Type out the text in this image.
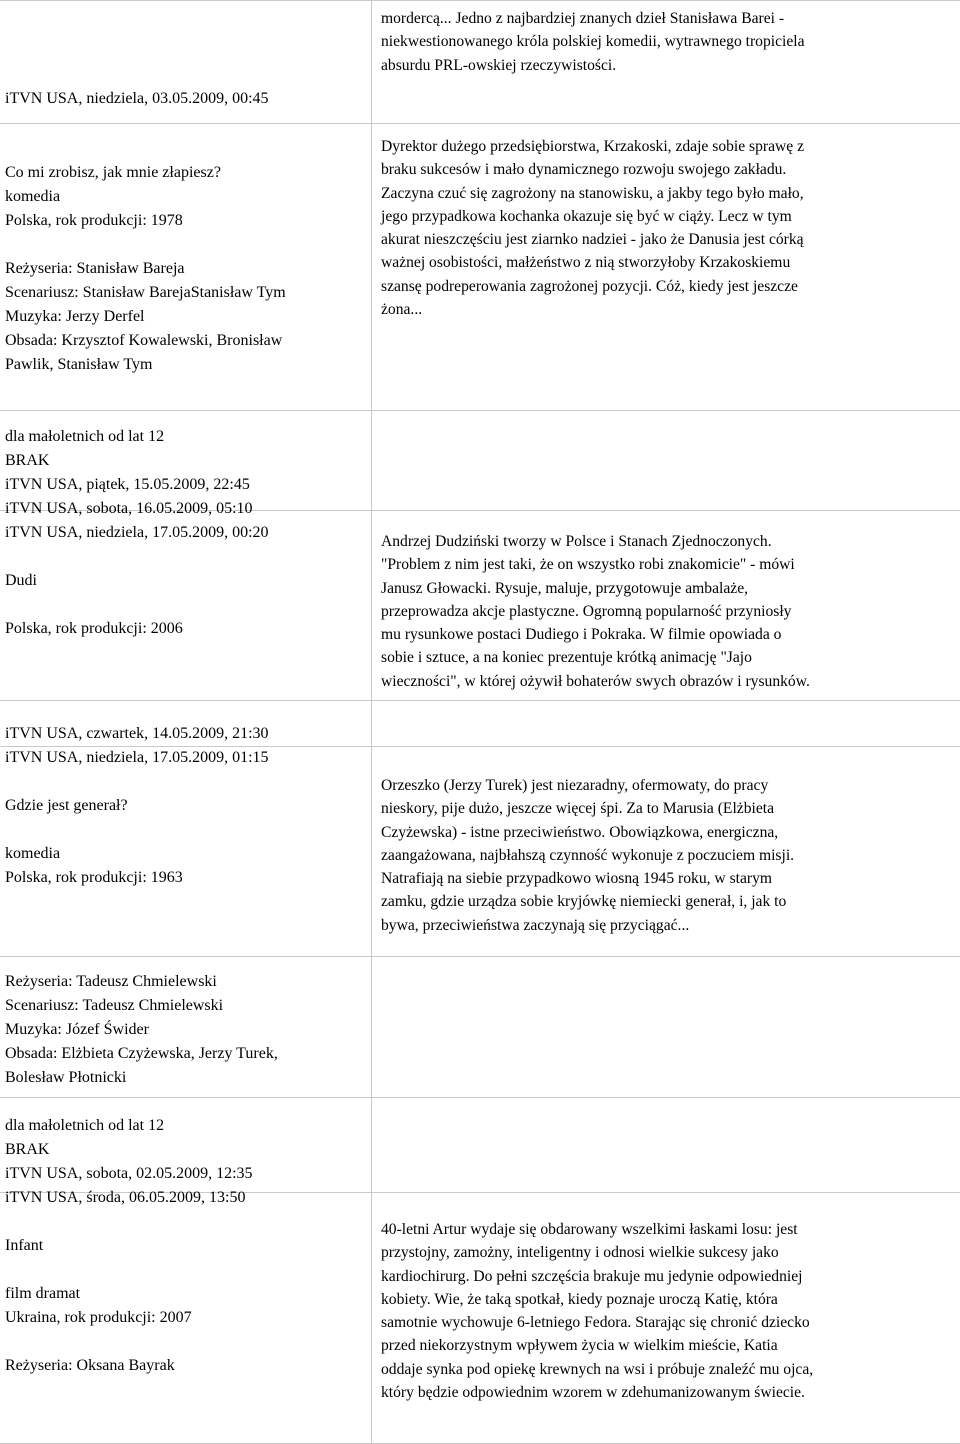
iTVN USA, niedziela, 03.05.2009, 00:45
Co mi zrobisz, jak mnie złapiesz?
komedia
Polska, rok produkcji: 1978

Reżyseria: Stanisław Bareja
Scenariusz: Stanisław BarejaStanisław Tym
Muzyka: Jerzy Derfel
Obsada: Krzysztof Kowalewski, Bronisław
Pawlik, Stanisław Tym
dla małoletnich od lat 12
BRAK
iTVN USA, piątek, 15.05.2009, 22:45
iTVN USA, sobota, 16.05.2009, 05:10
iTVN USA, niedziela, 17.05.2009, 00:20

Dudi

Polska, rok produkcji: 2006
iTVN USA, czwartek, 14.05.2009, 21:30
iTVN USA, niedziela, 17.05.2009, 01:15

Gdzie jest generał?

komedia
Polska, rok produkcji: 1963
Reżyseria: Tadeusz Chmielewski
Scenariusz: Tadeusz Chmielewski
Muzyka: Józef Świder
Obsada: Elżbieta Czyżewska, Jerzy Turek,
Bolesław Płotnicki
dla małoletnich od lat 12
BRAK
iTVN USA, sobota, 02.05.2009, 12:35
iTVN USA, środa, 06.05.2009, 13:50

Infant

film dramat
Ukraina, rok produkcji: 2007

Reżyseria: Oksana Bayrak
mordercą... Jedno z najbardziej znanych dzieł Stanisława Barei -
niekwestionowanego króla polskiej komedii, wytrawnego tropiciela
absurdu PRL-owskiej rzeczywistości.
Dyrektor dużego przedsiębiorstwa, Krzakoski, zdaje sobie sprawę z
braku sukcesów i mało dynamicznego rozwoju swojego zakładu.
Zaczyna czuć się zagrożony na stanowisku, a jakby tego było mało,
jego przypadkowa kochanka okazuje się być w ciąży. Lecz w tym
akurat nieszczęściu jest ziarnko nadziei - jako że Danusia jest córką
ważnej osobistości, małżeństwo z nią stworzyłoby Krzakoskiemu
szansę podreperowania zagrożonej pozycji. Cóż, kiedy jest jeszcze
żona...
Andrzej Dudziński tworzy w Polsce i Stanach Zjednoczonych.
"Problem z nim jest taki, że on wszystko robi znakomicie" - mówi
Janusz Głowacki. Rysuje, maluje, przygotowuje ambalaże,
przeprowadza akcje plastyczne. Ogromną popularność przyniosły
mu rysunkowe postaci Dudiego i Pokraka. W filmie opowiada o
sobie i sztuce, a na koniec prezentuje krótką animację "Jajo
wieczności", w której ożywił bohaterów swych obrazów i rysunków.
Orzeszko (Jerzy Turek) jest niezaradny, ofermowaty, do pracy
nieskory, pije dużo, jeszcze więcej śpi. Za to Marusia (Elżbieta
Czyżewska) - istne przeciwieństwo. Obowiązkowa, energiczna,
zaangażowana, najbłahszą czynność wykonuje z poczuciem misji.
Natrafiają na siebie przypadkowo wiosną 1945 roku, w starym
zamku, gdzie urządza sobie kryjówkę niemiecki generał, i, jak to
bywa, przeciwieństwa zaczynają się przyciągać...
40-letni Artur wydaje się obdarowany wszelkimi łaskami losu: jest
przystojny, zamożny, inteligentny i odnosi wielkie sukcesy jako
kardiochirurg. Do pełni szczęścia brakuje mu jedynie odpowiedniej
kobiety. Wie, że taką spotkał, kiedy poznaje uroczą Katię, która
samotnie wychowuje 6-letniego Fedora. Starając się chronić dziecko
przed niekorzystnym wpływem życia w wielkim mieście, Katia
oddaje synka pod opiekę krewnych na wsi i próbuje znaleźć mu ojca,
który będzie odpowiednim wzorem w zdehumanizowanym świecie.
